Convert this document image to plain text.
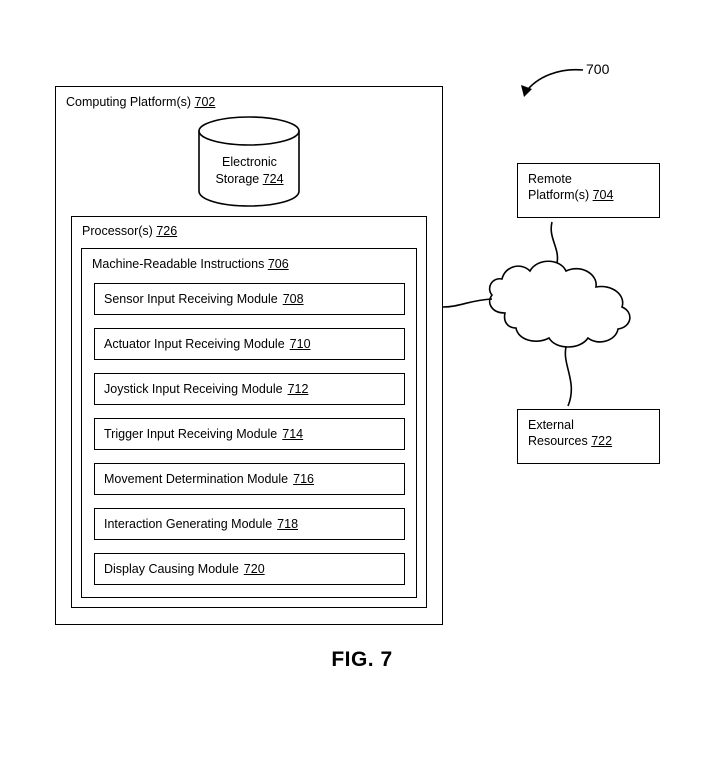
700
Computing Platform(s) 702
Electronic
Storage 724
Processor(s) 726
Machine-Readable Instructions 706
Sensor Input Receiving Module 708
Actuator Input Receiving Module 710
Joystick Input Receiving Module 712
Trigger Input Receiving Module 714
Movement Determination Module 716
Interaction Generating Module 718
Display Causing Module 720
Remote
Platform(s) 704
External
Resources 722
FIG. 7
